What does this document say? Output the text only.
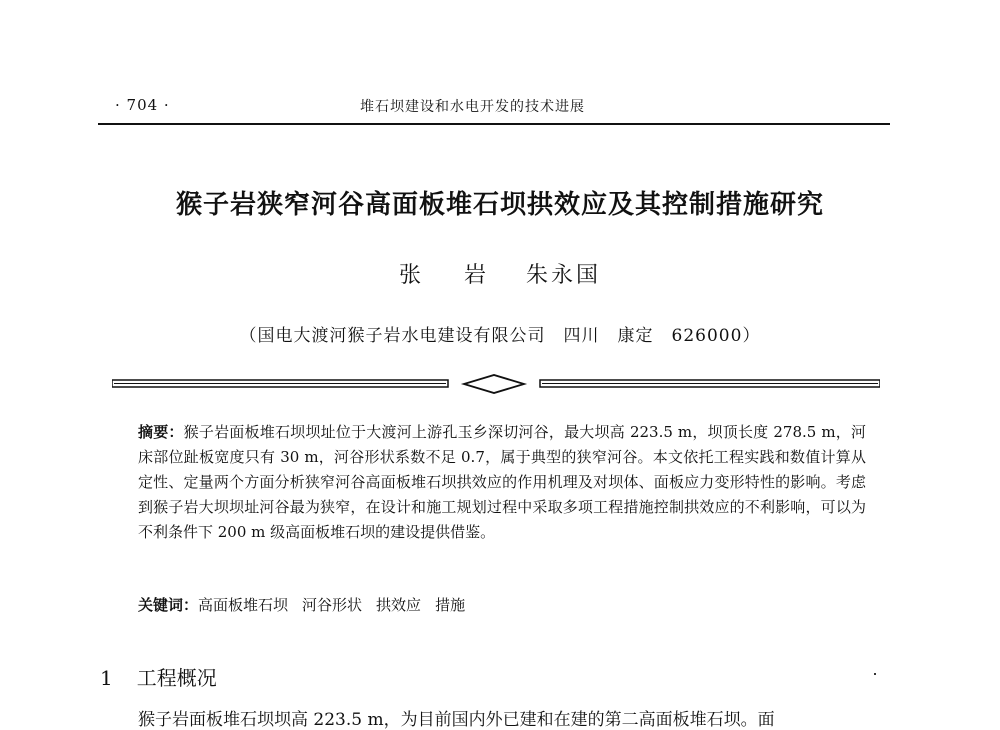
· 704 ·	堆石坝建设和水电开发的技术进展
猴子岩狭窄河谷高面板堆石坝拱效应及其控制措施研究
张 岩 朱永国
（国电大渡河猴子岩水电建设有限公司　四川　康定　626000）
摘要：猴子岩面板堆石坝坝址位于大渡河上游孔玉乡深切河谷，最大坝高 223.5 m，坝顶长度 278.5 m，河床部位趾板宽度只有 30 m，河谷形状系数不足 0.7，属于典型的狭窄河谷。本文依托工程实践和数值计算从定性、定量两个方面分析狭窄河谷高面板堆石坝拱效应的作用机理及对坝体、面板应力变形特性的影响。考虑到猴子岩大坝坝址河谷最为狭窄，在设计和施工规划过程中采取多项工程措施控制拱效应的不利影响，可以为不利条件下 200 m 级高面板堆石坝的建设提供借鉴。
关键词：高面板堆石坝 河谷形状 拱效应 措施
1 工程概况
猴子岩面板堆石坝坝高 223.5 m，为目前国内外已建和在建的第二高面板堆石坝。面
